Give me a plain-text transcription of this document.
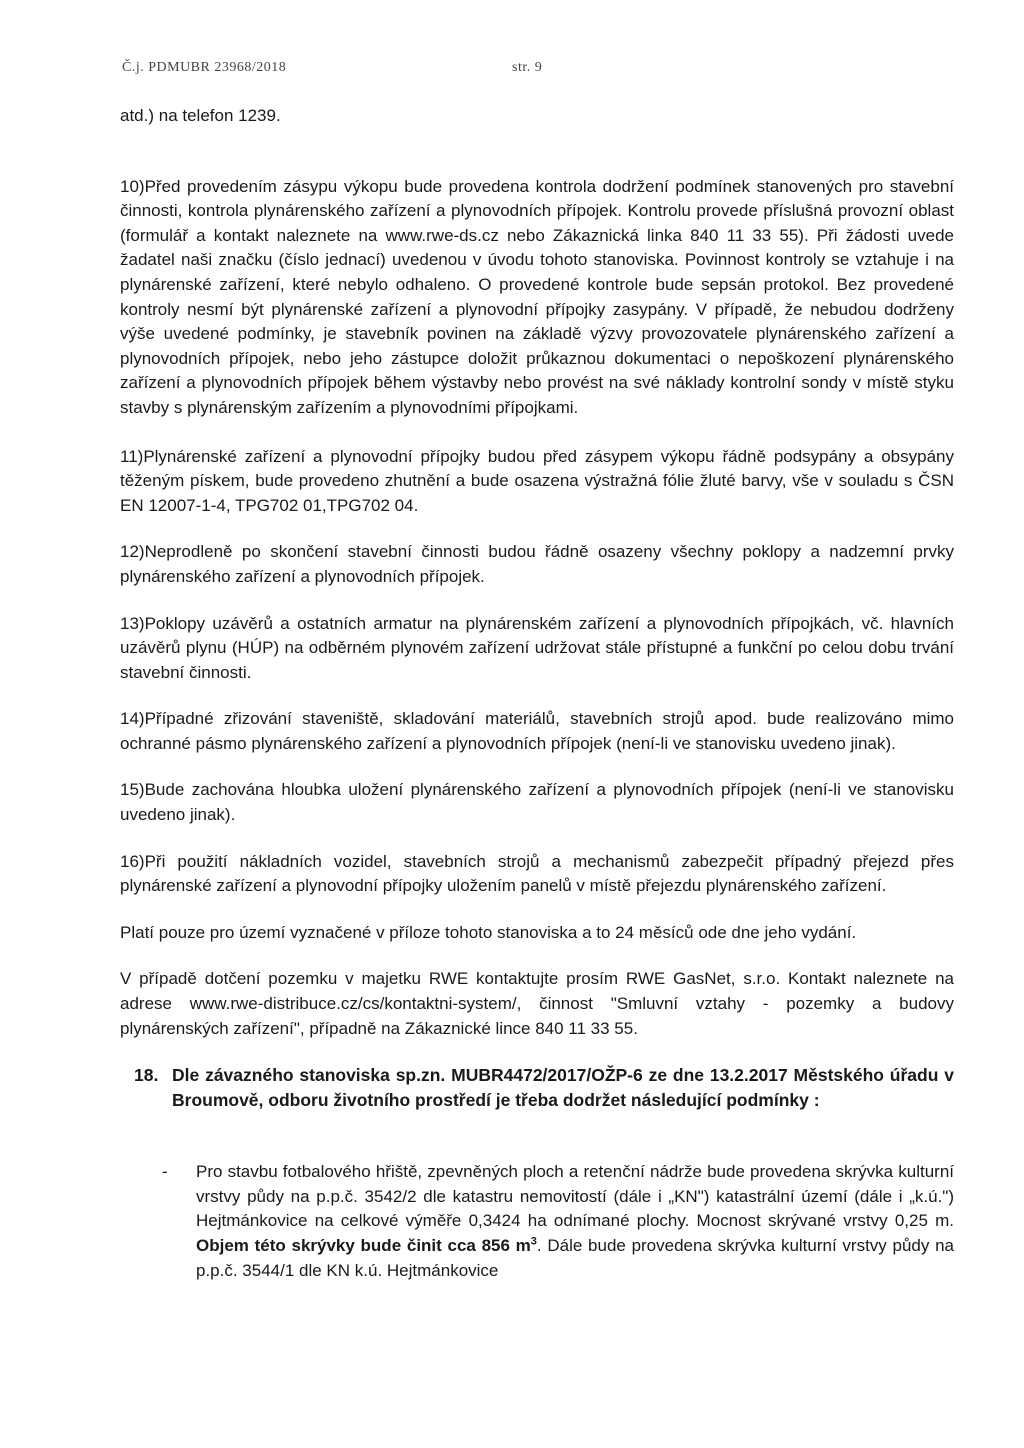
Č.j. PDMUBR 23968/2018	str. 9

atd.) na telefon 1239.

10)Před provedením zásypu výkopu bude provedena kontrola dodržení podmínek stanovených pro stavební činnosti, kontrola plynárenského zařízení a plynovodních přípojek. Kontrolu provede příslušná provozní oblast (formulář a kontakt naleznete na www.rwe-ds.cz nebo Zákaznická linka 840 11 33 55). Při žádosti uvede žadatel naši značku (číslo jednací) uvedenou v úvodu tohoto stanoviska. Povinnost kontroly se vztahuje i na plynárenské zařízení, které nebylo odhaleno. O provedené kontrole bude sepsán protokol. Bez provedené kontroly nesmí být plynárenské zařízení a plynovodní přípojky zasypány. V případě, že nebudou dodrženy výše uvedené podmínky, je stavebník povinen na základě výzvy provozovatele plynárenského zařízení a plynovodních přípojek, nebo jeho zástupce doložit průkaznou dokumentaci o nepoškození plynárenského zařízení a plynovodních přípojek během výstavby nebo provést na své náklady kontrolní sondy v místě styku stavby s plynárenským zařízením a plynovodními přípojkami.

11)Plynárenské zařízení a plynovodní přípojky budou před zásypem výkopu řádně podsypány a obsypány těženým pískem, bude provedeno zhutnění a bude osazena výstražná fólie žluté barvy, vše v souladu s ČSN EN 12007-1-4, TPG702 01,TPG702 04.

12)Neprodleně po skončení stavební činnosti budou řádně osazeny všechny poklopy a nadzemní prvky plynárenského zařízení a plynovodních přípojek.

13)Poklopy uzávěrů a ostatních armatur na plynárenském zařízení a plynovodních přípojkách, vč. hlavních uzávěrů plynu (HÚP) na odběrném plynovém zařízení udržovat stále přístupné a funkční po celou dobu trvání stavební činnosti.

14)Případné zřizování staveniště, skladování materiálů, stavebních strojů apod. bude realizováno mimo ochranné pásmo plynárenského zařízení a plynovodních přípojek (není-li ve stanovisku uvedeno jinak).

15)Bude zachována hloubka uložení plynárenského zařízení a plynovodních přípojek (není-li ve stanovisku uvedeno jinak).

16)Při použití nákladních vozidel, stavebních strojů a mechanismů zabezpečit případný přejezd přes plynárenské zařízení a plynovodní přípojky uložením panelů v místě přejezdu plynárenského zařízení.

Platí pouze pro území vyznačené v příloze tohoto stanoviska a to 24 měsíců ode dne jeho vydání.

V případě dotčení pozemku v majetku RWE kontaktujte prosím RWE GasNet, s.r.o. Kontakt naleznete na adrese www.rwe-distribuce.cz/cs/kontaktni-system/, činnost "Smluvní vztahy - pozemky a budovy plynárenských zařízení", případně na Zákaznické lince 840 11 33 55.

18. Dle závazného stanoviska sp.zn. MUBR4472/2017/OŽP-6 ze dne 13.2.2017 Městského úřadu v Broumově, odboru životního prostředí je třeba dodržet následující podmínky :
-	Pro stavbu fotbalového hřiště, zpevněných ploch a retenční nádrže bude provedena skrývka kulturní vrstvy půdy na p.p.č. 3542/2 dle katastru nemovitostí (dále i „KN") katastrální území (dále i „k.ú.") Hejtmánkovice na celkové výměře 0,3424 ha odnímané plochy. Mocnost skrývané vrstvy 0,25 m. Objem této skrývky bude činit cca 856 $m^3$. Dále bude provedena skrývka kulturní vrstvy půdy na p.p.č. 3544/1 dle KN k.ú. Hejtmánkovice
